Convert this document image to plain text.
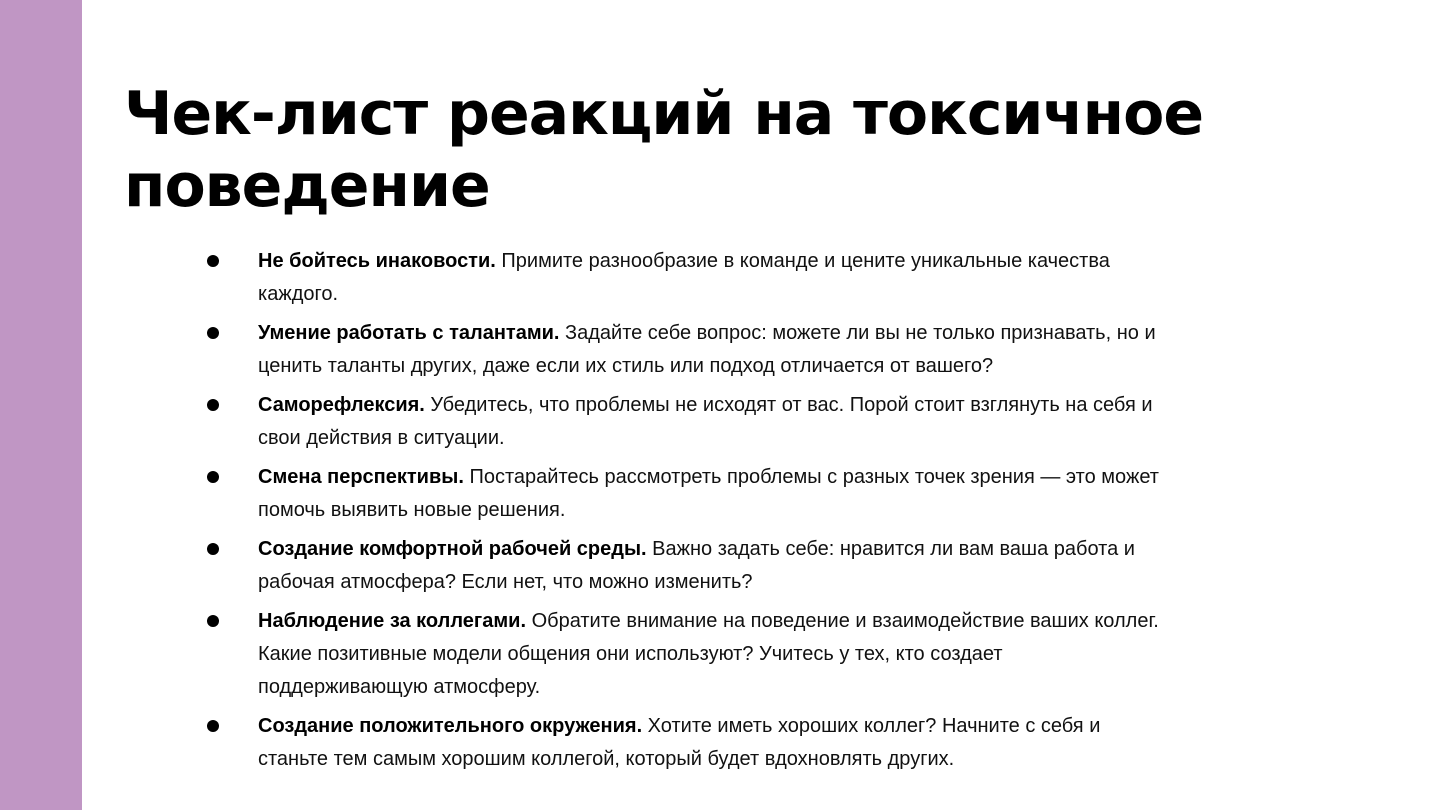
Чек-лист реакций на токсичное поведение
Не бойтесь инаковости. Примите разнообразие в команде и цените уникальные качества каждого.
Умение работать с талантами. Задайте себе вопрос: можете ли вы не только признавать, но и ценить таланты других, даже если их стиль или подход отличается от вашего?
Саморефлексия. Убедитесь, что проблемы не исходят от вас. Порой стоит взглянуть на себя и свои действия в ситуации.
Смена перспективы. Постарайтесь рассмотреть проблемы с разных точек зрения — это может помочь выявить новые решения.
Создание комфортной рабочей среды. Важно задать себе: нравится ли вам ваша работа и рабочая атмосфера? Если нет, что можно изменить?
Наблюдение за коллегами. Обратите внимание на поведение и взаимодействие ваших коллег. Какие позитивные модели общения они используют? Учитесь у тех, кто создает поддерживающую атмосферу.
Создание положительного окружения. Хотите иметь хороших коллег? Начните с себя и станьте тем самым хорошим коллегой, который будет вдохновлять других.
